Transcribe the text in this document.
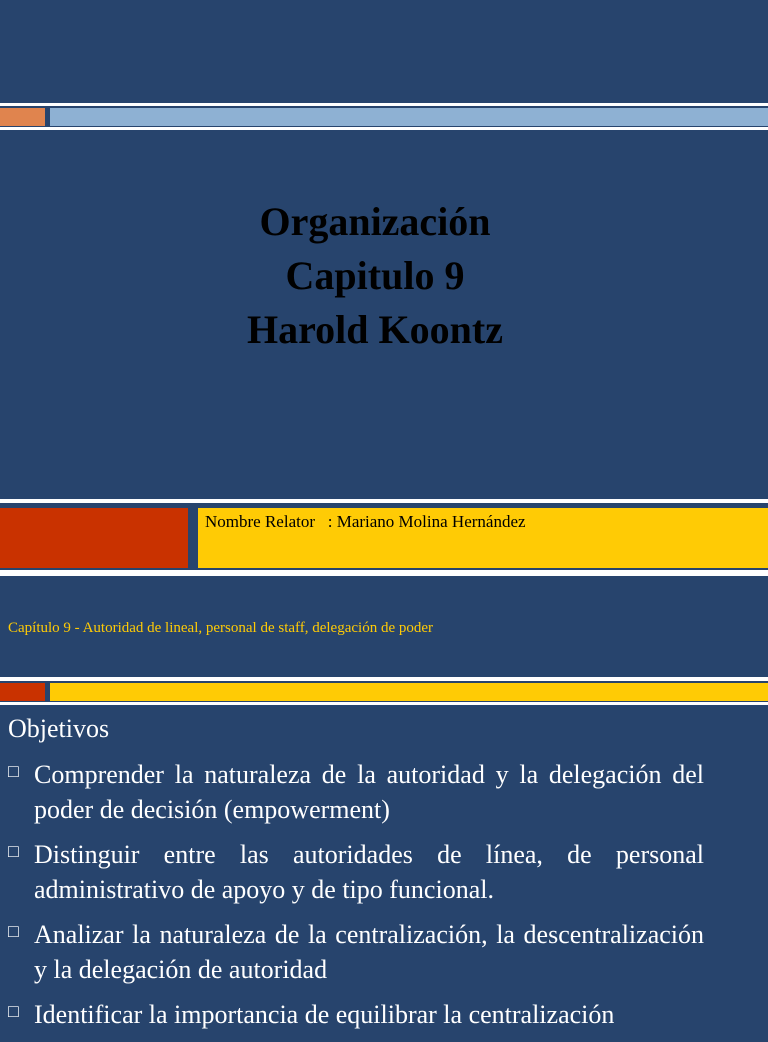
Organización
Capitulo 9
Harold Koontz
Nombre Relator   : Mariano Molina Hernández
Capítulo 9 - Autoridad de lineal, personal de staff, delegación de poder
Objetivos
□ Comprender la naturaleza de la autoridad y la delegación del poder de decisión (empowerment)
□ Distinguir entre las autoridades de línea, de personal administrativo de apoyo y de tipo funcional.
□ Analizar la naturaleza de la centralización, la descentralización y la delegación de autoridad
□ Identificar la importancia de equilibrar la centralización
